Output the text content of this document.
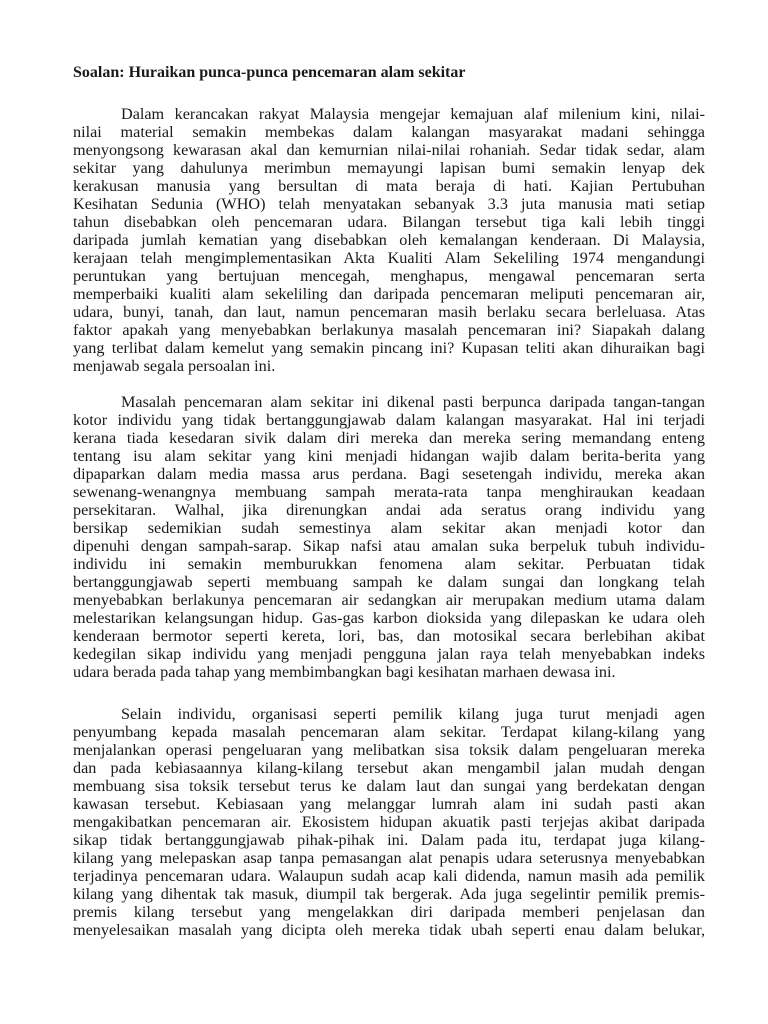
Soalan: Huraikan punca-punca pencemaran alam sekitar
Dalam kerancakan rakyat Malaysia mengejar kemajuan alaf milenium kini, nilai-
nilai material semakin membekas dalam kalangan masyarakat madani sehingga
menyongsong kewarasan akal dan kemurnian nilai-nilai rohaniah. Sedar tidak sedar, alam
sekitar yang dahulunya merimbun memayungi lapisan bumi semakin lenyap dek
kerakusan manusia yang bersultan di mata beraja di hati. Kajian Pertubuhan
Kesihatan Sedunia (WHO) telah menyatakan sebanyak 3.3 juta manusia mati setiap
tahun disebabkan oleh pencemaran udara. Bilangan tersebut tiga kali lebih tinggi
daripada jumlah kematian yang disebabkan oleh kemalangan kenderaan. Di Malaysia,
kerajaan telah mengimplementasikan Akta Kualiti Alam Sekeliling 1974 mengandungi
peruntukan yang bertujuan mencegah, menghapus, mengawal pencemaran serta
memperbaiki kualiti alam sekeliling dan daripada pencemaran meliputi pencemaran air,
udara, bunyi, tanah, dan laut, namun pencemaran masih berlaku secara berleluasa. Atas
faktor apakah yang menyebabkan berlakunya masalah pencemaran ini? Siapakah dalang
yang terlibat dalam kemelut yang semakin pincang ini? Kupasan teliti akan dihuraikan bagi
menjawab segala persoalan ini.
Masalah pencemaran alam sekitar ini dikenal pasti berpunca daripada tangan-tangan
kotor individu yang tidak bertanggungjawab dalam kalangan masyarakat. Hal ini terjadi
kerana tiada kesedaran sivik dalam diri mereka dan mereka sering memandang enteng
tentang isu alam sekitar yang kini menjadi hidangan wajib dalam berita-berita yang
dipaparkan dalam media massa arus perdana. Bagi sesetengah individu, mereka akan
sewenang-wenangnya membuang sampah merata-rata tanpa menghiraukan keadaan
persekitaran. Walhal, jika direnungkan andai ada seratus orang individu yang
bersikap sedemikian sudah semestinya alam sekitar akan menjadi kotor dan
dipenuhi dengan sampah-sarap. Sikap nafsi atau amalan suka berpeluk tubuh individu-
individu ini semakin memburukkan fenomena alam sekitar. Perbuatan tidak
bertanggungjawab seperti membuang sampah ke dalam sungai dan longkang telah
menyebabkan berlakunya pencemaran air sedangkan air merupakan medium utama dalam
melestarikan kelangsungan hidup. Gas-gas karbon dioksida yang dilepaskan ke udara oleh
kenderaan bermotor seperti kereta, lori, bas, dan motosikal secara berlebihan akibat
kedegilan sikap individu yang menjadi pengguna jalan raya telah menyebabkan indeks
udara berada pada tahap yang membimbangkan bagi kesihatan marhaen dewasa ini.
Selain individu, organisasi seperti pemilik kilang juga turut menjadi agen
penyumbang kepada masalah pencemaran alam sekitar. Terdapat kilang-kilang yang
menjalankan operasi pengeluaran yang melibatkan sisa toksik dalam pengeluaran mereka
dan pada kebiasaannya kilang-kilang tersebut akan mengambil jalan mudah dengan
membuang sisa toksik tersebut terus ke dalam laut dan sungai yang berdekatan dengan
kawasan tersebut. Kebiasaan yang melanggar lumrah alam ini sudah pasti akan
mengakibatkan pencemaran air. Ekosistem hidupan akuatik pasti terjejas akibat daripada
sikap tidak bertanggungjawab pihak-pihak ini. Dalam pada itu, terdapat juga kilang-
kilang yang melepaskan asap tanpa pemasangan alat penapis udara seterusnya menyebabkan
terjadinya pencemaran udara. Walaupun sudah acap kali didenda, namun masih ada pemilik
kilang yang dihentak tak masuk, diumpil tak bergerak. Ada juga segelintir pemilik premis-
premis kilang tersebut yang mengelakkan diri daripada memberi penjelasan dan
menyelesaikan masalah yang dicipta oleh mereka tidak ubah seperti enau dalam belukar,
